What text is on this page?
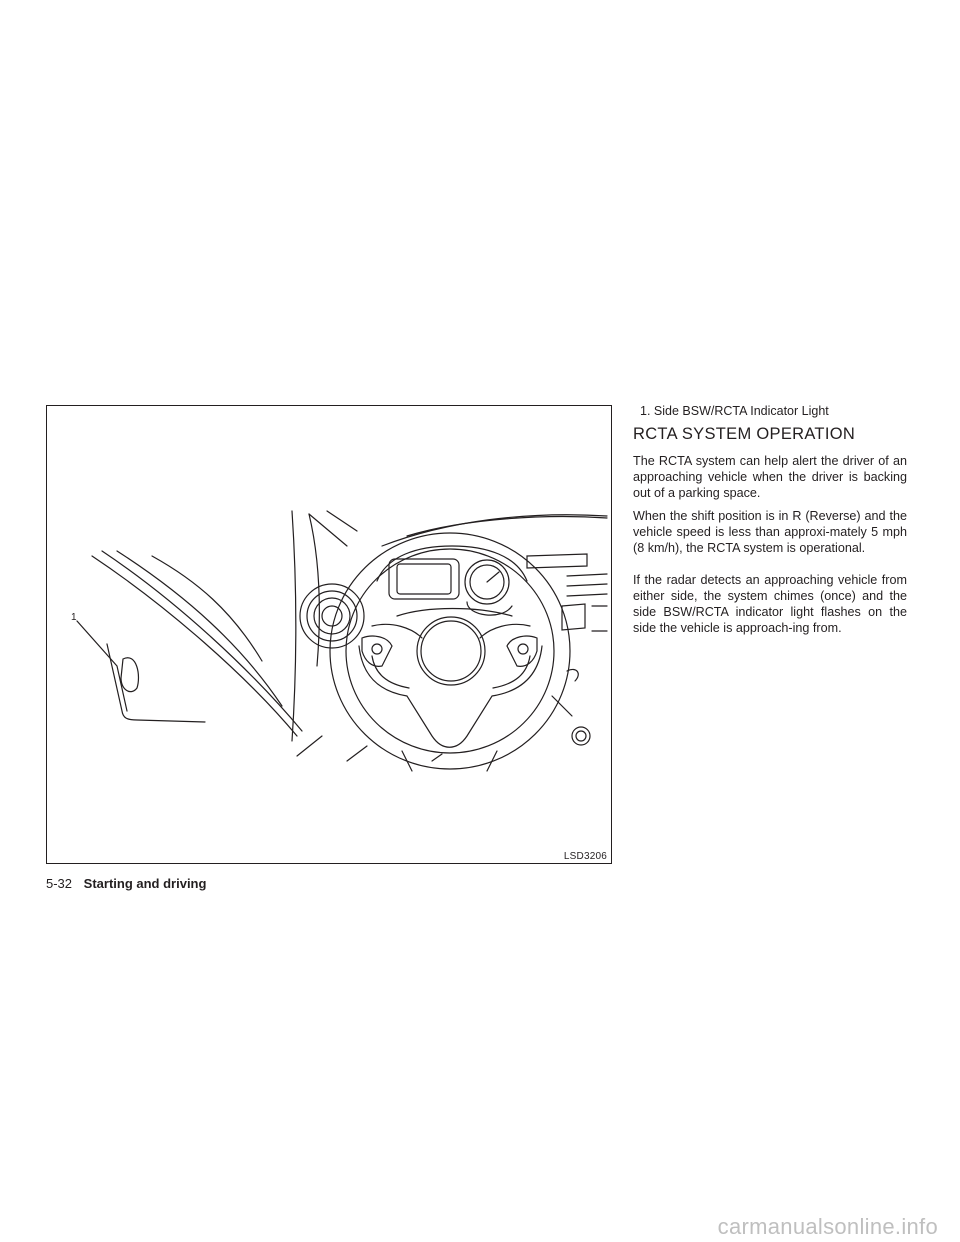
1
LSD3206
1. Side BSW/RCTA Indicator Light
RCTA SYSTEM OPERATION

The RCTA system can help alert the driver of an approaching vehicle when the driver is backing out of a parking space.

When the shift position is in R (Reverse) and the vehicle speed is less than approxi-mately 5 mph (8 km/h), the RCTA system is operational.

If the radar detects an approaching vehicle from either side, the system chimes (once) and the side BSW/RCTA indicator light flashes on the side the vehicle is approach-ing from.

5-32 Starting and driving
carmanualsonline.info
